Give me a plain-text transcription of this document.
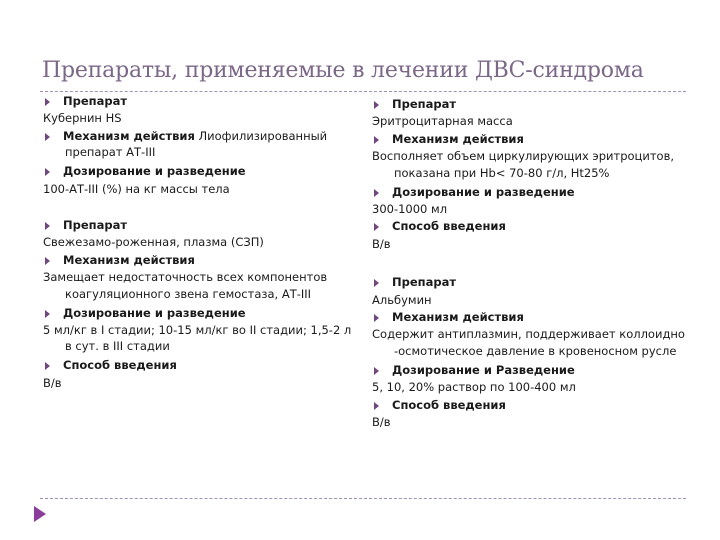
Препараты, применяемые в лечении ДВС-синдрома
Препарат
Кубернин HS
Механизм действия Лиофилизированный
препарат АТ-III
Дозирование и разведение
100-АТ-III (%) на кг массы тела
Препарат
Свежезамо-роженная, плазма (СЗП)
Механизм действия
Замещает недостаточность всех компонентов
коагуляционного звена гемостаза, АТ-III
Дозирование и разведение
5 мл/кг в I стадии; 10-15 мл/кг во II стадии; 1,5-2 л
в сут. в III стадии
Способ введения
В/в
Препарат
Эритроцитарная масса
Механизм действия
Восполняет объем циркулирующих эритроцитов,
показана при Hb< 70-80 г/л, Ht25%
Дозирование и разведение
300-1000 мл
Способ введения
В/в
Препарат
Альбумин
Механизм действия
Содержит антиплазмин, поддерживает коллоидно
-осмотическое давление в кровеносном русле
Дозирование и Разведение
5, 10, 20% раствор по 100-400 мл
Способ введения
В/в
